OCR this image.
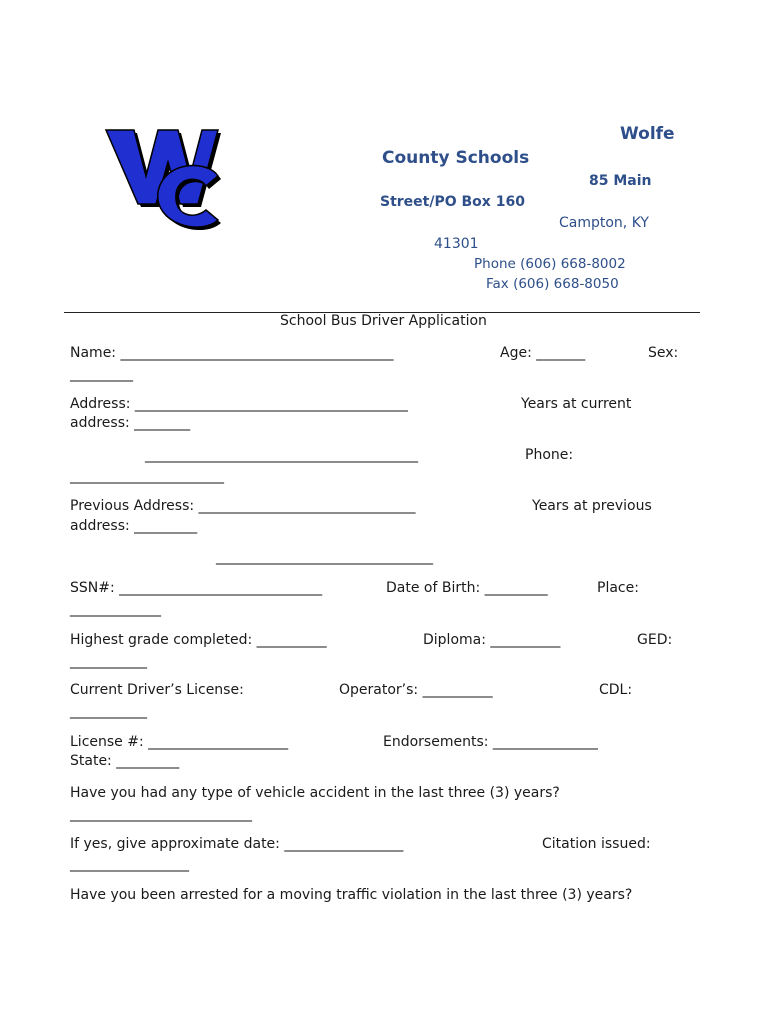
Wolfe
County Schools
85 Main
Street/PO Box 160
Campton, KY
41301
Phone (606) 668-8002
Fax (606) 668-8050
School Bus Driver Application
Name: _______________________________________	Age: _______	Sex:
_________
Address: _______________________________________	Years at current
address: ________
_______________________________________	Phone:
______________________
Previous Address: _______________________________	Years at previous
address: _________
_______________________________
SSN#: _____________________________	Date of Birth: _________	Place:
_____________
Highest grade completed: __________	Diploma: __________	GED:
___________
Current Driver’s License:	Operator’s: __________	CDL:
___________
License #: ____________________	Endorsements: _______________
State: _________
Have you had any type of vehicle accident in the last three (3) years?
__________________________
If yes, give approximate date: _________________	Citation issued:
_________________
Have you been arrested for a moving traffic violation in the last three (3) years?
